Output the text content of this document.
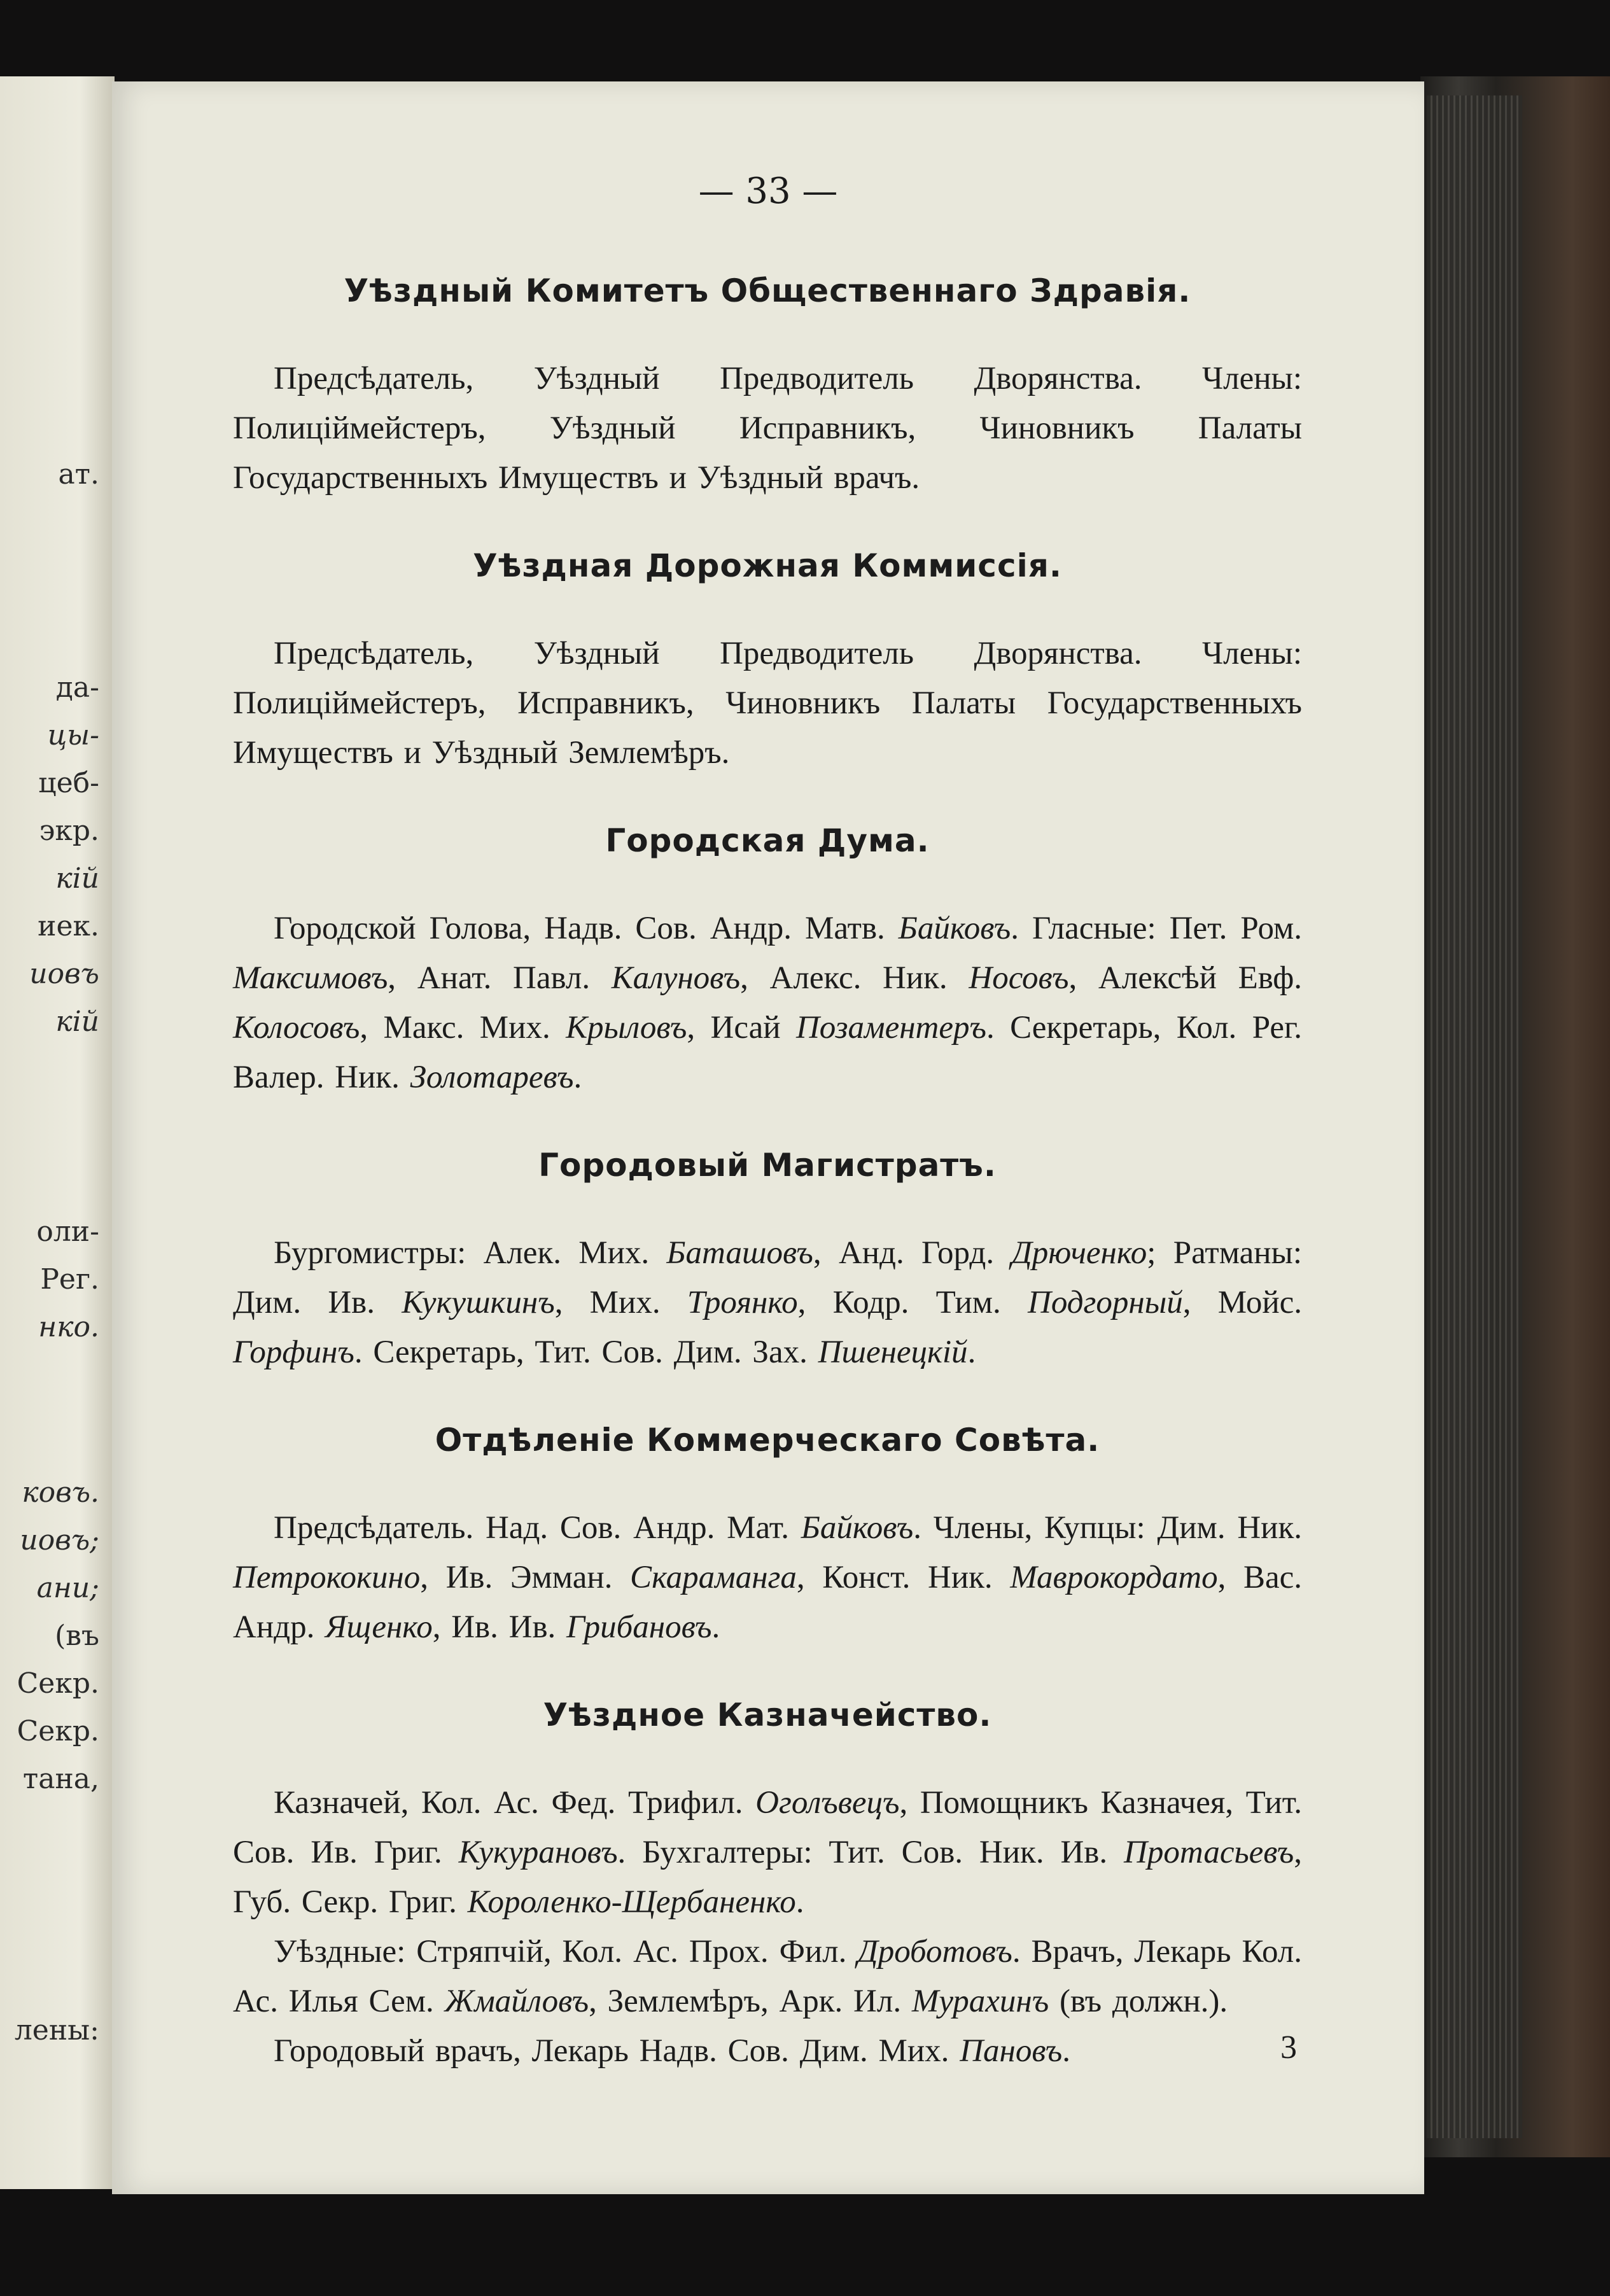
ат.
да-
цы-
цеб-
экр.
кій
иек.
иовъ
кій
оли-
Рег.
нко.
ковъ.
иовъ;
ани;
(въ
Секр.
Секр.
тана,
лены:
— 33 —
Уѣздный Комитетъ Общественнаго Здравія.

Предсѣдатель, Уѣздный Предводитель Дворянства. Члены: Полиціймейстеръ, Уѣздный Исправникъ, Чиновникъ Палаты Государственныхъ Имуществъ и Уѣздный врачъ.

Уѣздная Дорожная Коммиссія.

Предсѣдатель, Уѣздный Предводитель Дворянства. Члены: Полиціймейстеръ, Исправникъ, Чиновникъ Палаты Государственныхъ Имуществъ и Уѣздный Землемѣръ.

Городская Дума.

Городской Голова, Надв. Сов. Андр. Матв. Байковъ. Гласные: Пет. Ром. Максимовъ, Анат. Павл. Калуновъ, Алекс. Ник. Носовъ, Алексѣй Евф. Колосовъ, Макс. Мих. Крыловъ, Исай Позаментеръ. Секретарь, Кол. Рег. Валер. Ник. Золотаревъ.

Городовый Магистратъ.

Бургомистры: Алек. Мих. Баташовъ, Анд. Горд. Дрюченко; Ратманы: Дим. Ив. Кукушкинъ, Мих. Троянко, Кодр. Тим. Подгорный, Мойс. Горфинъ. Секретарь, Тит. Сов. Дим. Зах. Пшенецкій.

Отдѣленіе Коммерческаго Совѣта.

Предсѣдатель. Над. Сов. Андр. Мат. Байковъ. Члены, Купцы: Дим. Ник. Петрококино, Ив. Эмман. Скараманга, Конст. Ник. Маврокордато, Вас. Андр. Ященко, Ив. Ив. Грибановъ.

Уѣздное Казначейство.

Казначей, Кол. Ас. Фед. Трифил. Оголъвецъ, Помощникъ Казначея, Тит. Сов. Ив. Григ. Кукурановъ. Бухгалтеры: Тит. Сов. Ник. Ив. Протасьевъ, Губ. Секр. Григ. Короленко-Щербаненко.

Уѣздные: Стряпчій, Кол. Ас. Прох. Фил. Дроботовъ. Врачъ, Лекарь Кол. Ас. Илья Сем. Жмайловъ, Землемѣръ, Арк. Ил. Мурахинъ (въ должн.).

Городовый врачъ, Лекарь Надв. Сов. Дим. Мих. Пановъ.	3
